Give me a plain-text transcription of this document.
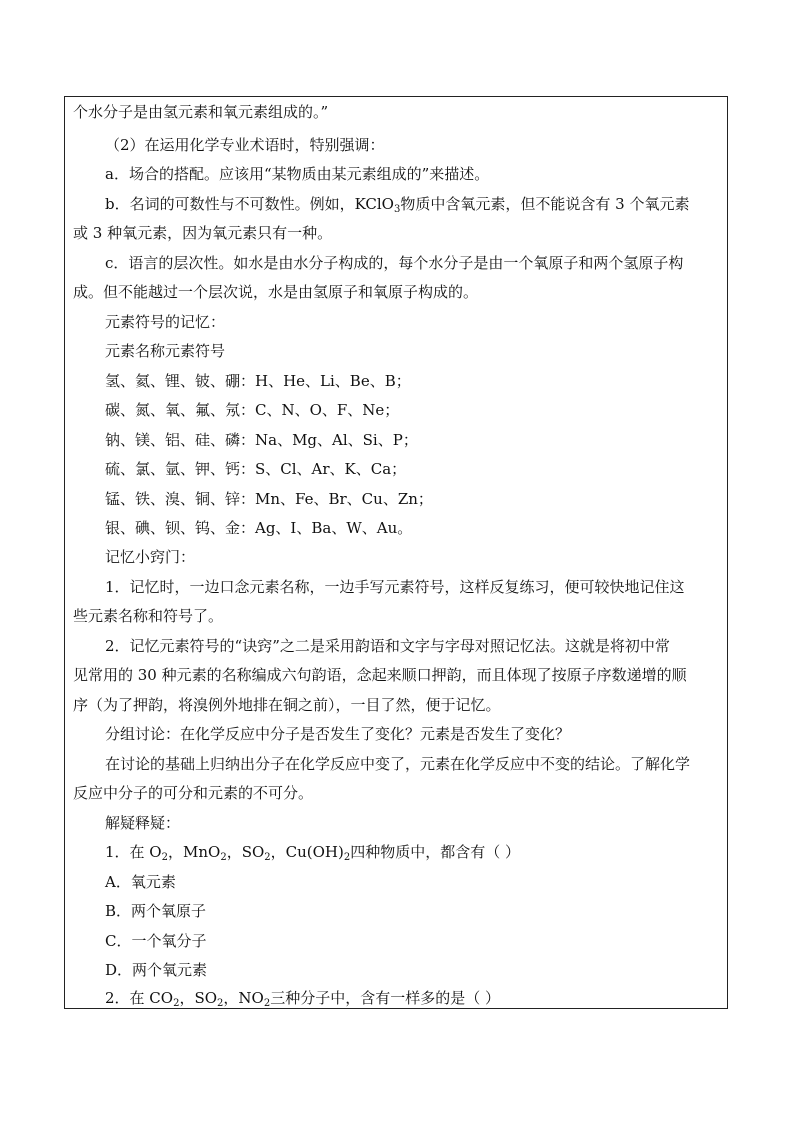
个水分子是由氢元素和氧元素组成的。”
（2）在运用化学专业术语时，特别强调：
a．场合的搭配。应该用“某物质由某元素组成的”来描述。
b．名词的可数性与不可数性。例如，KClO$_3$物质中含氧元素，但不能说含有 3 个氧元素
或 3 种氧元素，因为氧元素只有一种。
c．语言的层次性。如水是由水分子构成的，每个水分子是由一个氧原子和两个氢原子构
成。但不能越过一个层次说，水是由氢原子和氧原子构成的。
元素符号的记忆：
元素名称元素符号
氢、氦、锂、铍、硼：H、He、Li、Be、B；
碳、氮、氧、氟、氖：C、N、O、F、Ne；
钠、镁、铝、硅、磷：Na、Mg、Al、Si、P；
硫、氯、氩、钾、钙：S、Cl、Ar、K、Ca；
锰、铁、溴、铜、锌：Mn、Fe、Br、Cu、Zn；
银、碘、钡、钨、金：Ag、I、Ba、W、Au。
记忆小窍门：
1．记忆时，一边口念元素名称，一边手写元素符号，这样反复练习，便可较快地记住这
些元素名称和符号了。
2．记忆元素符号的“诀窍”之二是采用韵语和文字与字母对照记忆法。这就是将初中常
见常用的 30 种元素的名称编成六句韵语，念起来顺口押韵，而且体现了按原子序数递增的顺
序（为了押韵，将溴例外地排在铜之前），一目了然，便于记忆。
分组讨论：在化学反应中分子是否发生了变化？元素是否发生了变化？
在讨论的基础上归纳出分子在化学反应中变了，元素在化学反应中不变的结论。了解化学
反应中分子的可分和元素的不可分。
解疑释疑：
1．在 $O_2$，MnO$_2$，$SO_2$，$Cu(OH)_2$四种物质中，都含有（ ）
A．氧元素
B．两个氧原子
C．一个氧分子
D．两个氧元素
2．在 $CO_2$，$SO_2$，$NO_2$三种分子中，含有一样多的是（ ）
